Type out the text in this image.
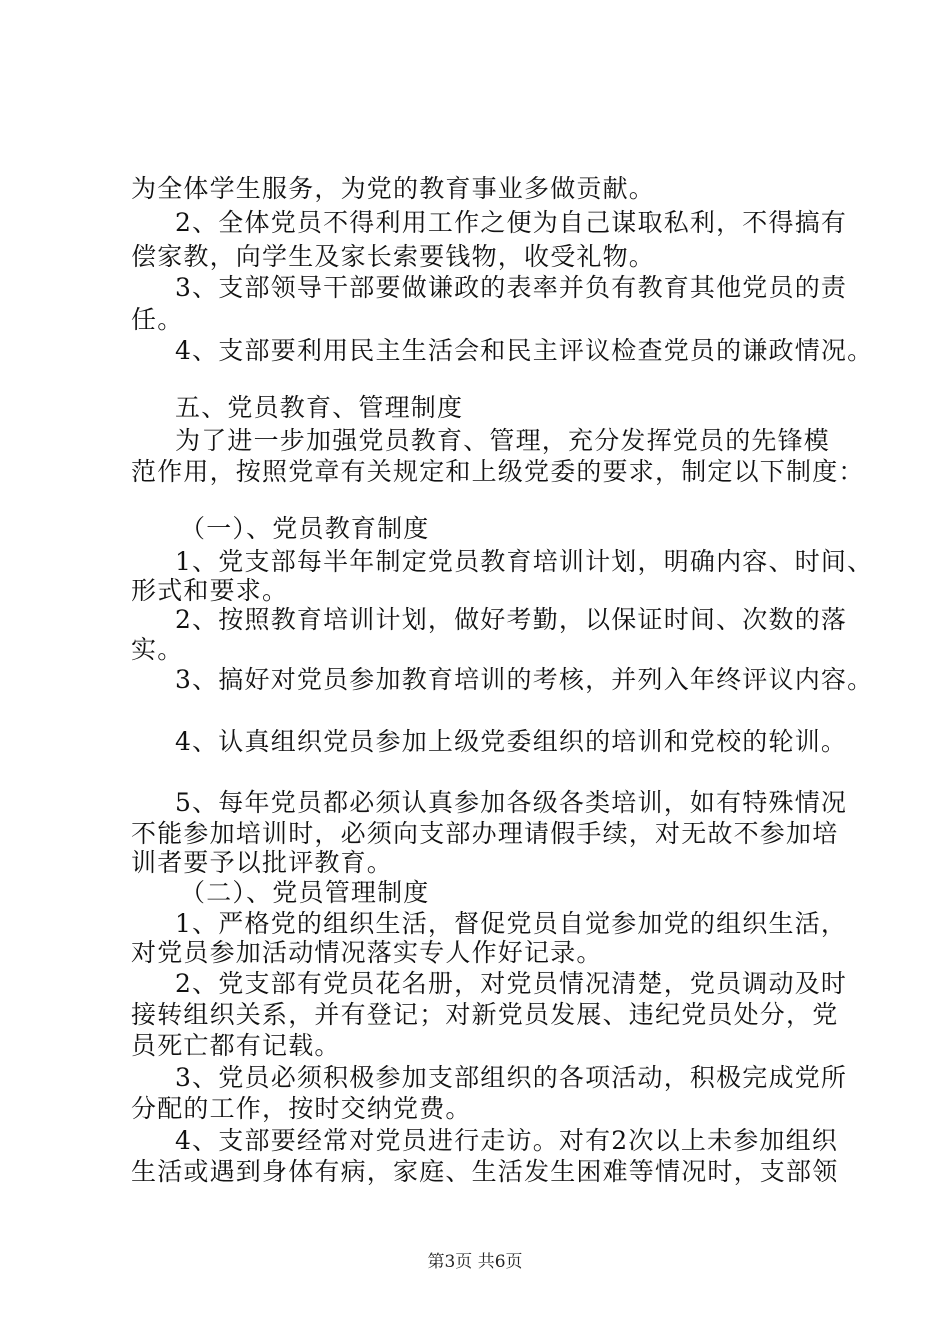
为全体学生服务，为党的教育事业多做贡献。
2、全体党员不得利用工作之便为自己谋取私利，不得搞有
偿家教，向学生及家长索要钱物，收受礼物。
3、支部领导干部要做谦政的表率并负有教育其他党员的责
任。
4、支部要利用民主生活会和民主评议检查党员的谦政情况。
五、党员教育、管理制度
为了进一步加强党员教育、管理，充分发挥党员的先锋模
范作用，按照党章有关规定和上级党委的要求，制定以下制度：
（一）、党员教育制度
1、党支部每半年制定党员教育培训计划，明确内容、时间、
形式和要求。
2、按照教育培训计划，做好考勤，以保证时间、次数的落
实。
3、搞好对党员参加教育培训的考核，并列入年终评议内容。
4、认真组织党员参加上级党委组织的培训和党校的轮训。
5、每年党员都必须认真参加各级各类培训，如有特殊情况
不能参加培训时，必须向支部办理请假手续，对无故不参加培
训者要予以批评教育。
（二）、党员管理制度
1、严格党的组织生活，督促党员自觉参加党的组织生活，
对党员参加活动情况落实专人作好记录。
2、党支部有党员花名册，对党员情况清楚，党员调动及时
接转组织关系，并有登记；对新党员发展、违纪党员处分，党
员死亡都有记载。
3、党员必须积极参加支部组织的各项活动，积极完成党所
分配的工作，按时交纳党费。
4、支部要经常对党员进行走访。对有2次以上未参加组织
生活或遇到身体有病，家庭、生活发生困难等情况时，支部领
第3页 共6页
